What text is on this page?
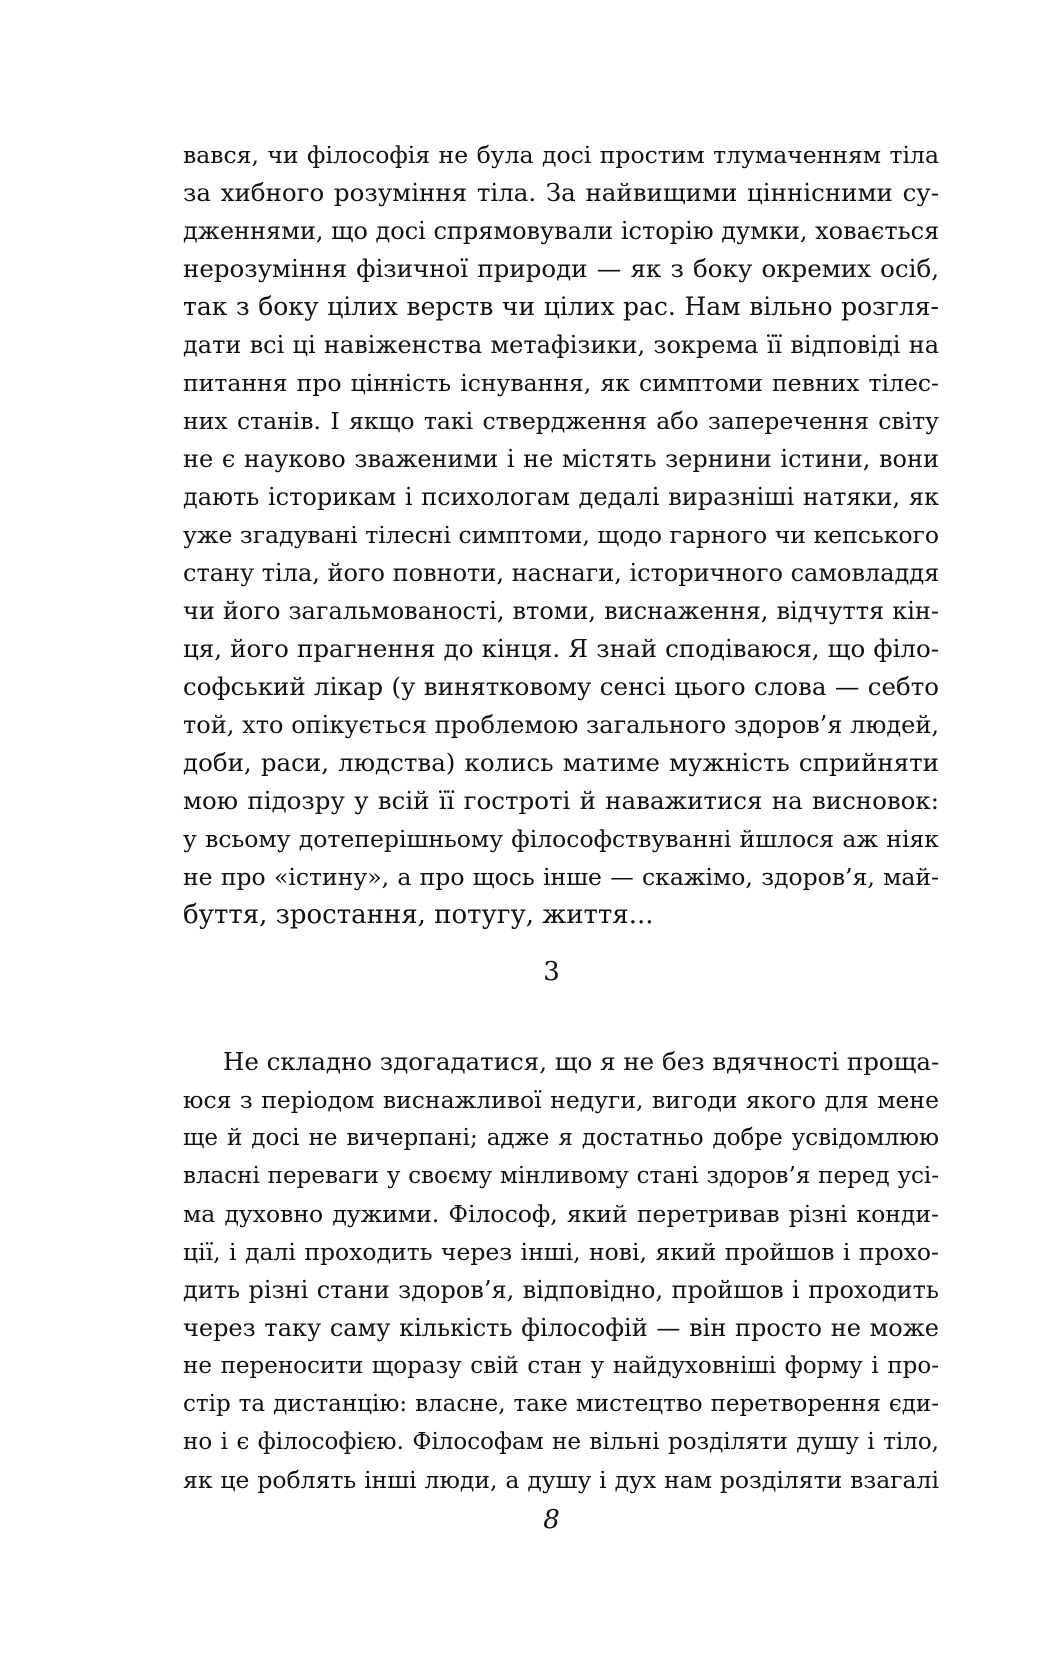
вався, чи філософія не була досі простим тлумаченням тіла
за хибного розуміння тіла. За найвищими ціннісними су-
дженнями, що досі спрямовували історію думки, ховається
нерозуміння фізичної природи — як з боку окремих осіб,
так з боку цілих верств чи цілих рас. Нам вільно розгля-
дати всі ці навіженства метафізики, зокрема її відповіді на
питання про цінність існування, як симптоми певних тілес-
них станів. І якщо такі ствердження або заперечення світу
не є науково зваженими і не містять зернини істини, вони
дають історикам і психологам дедалі виразніші натяки, як
уже згадувані тілесні симптоми, щодо гарного чи кепського
стану тіла, його повноти, наснаги, історичного самовладдя
чи його загальмованості, втоми, виснаження, відчуття кін-
ця, його прагнення до кінця. Я знай сподіваюся, що філо-
софський лікар (у винятковому сенсі цього слова — себто
той, хто опікується проблемою загального здоров’я людей,
доби, раси, людства) колись матиме мужність сприйняти
мою підозру у всій її гостроті й наважитися на висновок:
у всьому дотеперішньому філософствуванні йшлося аж ніяк
не про «істину», а про щось інше — скажімо, здоров’я, май-
буття, зростання, потугу, життя...
3
Не складно здогадатися, що я не без вдячності проща-
юся з періодом виснажливої недуги, вигоди якого для мене
ще й досі не вичерпані; адже я достатньо добре усвідомлюю
власні переваги у своєму мінливому стані здоров’я перед усі-
ма духовно дужими. Філософ, який перетривав різні конди-
ції, і далі проходить через інші, нові, який пройшов і прохо-
дить різні стани здоров’я, відповідно, пройшов і проходить
через таку саму кількість філософій — він просто не може
не переносити щоразу свій стан у найдуховніші форму і про-
стір та дистанцію: власне, таке мистецтво перетворення єди-
но і є філософією. Філософам не вільні розділяти душу і тіло,
як це роблять інші люди, а душу і дух нам розділяти взагалі
8
